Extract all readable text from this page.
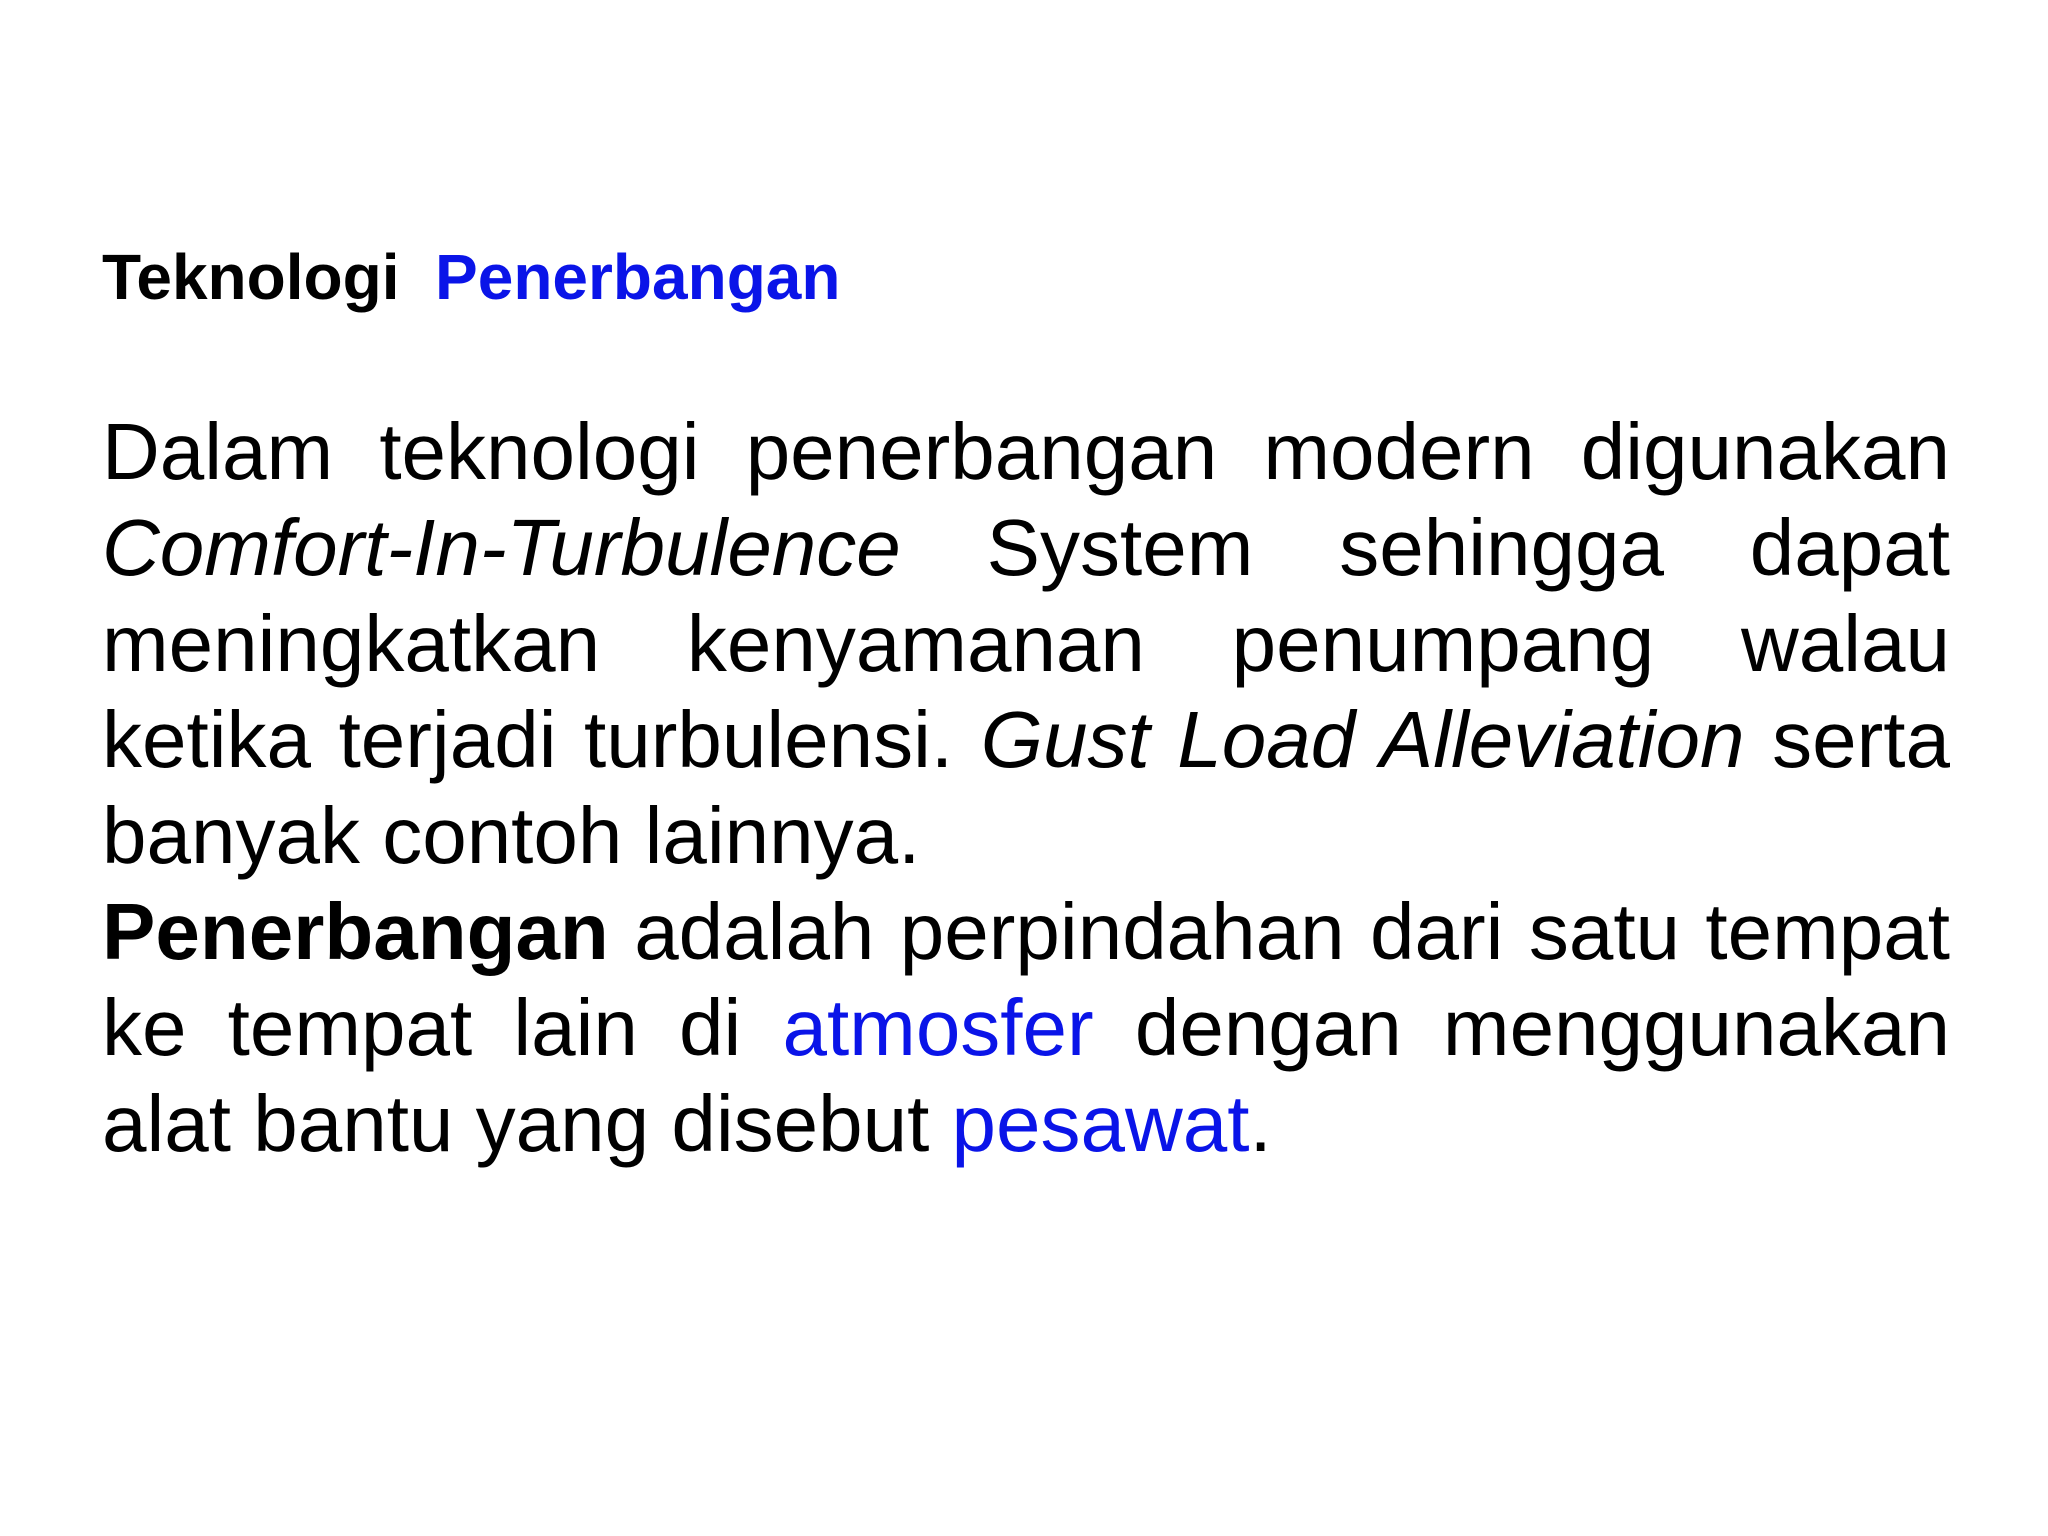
Teknologi Penerbangan

Dalam teknologi penerbangan modern digunakan Comfort-In-Turbulence System sehingga dapat meningkatkan kenyamanan penumpang walau ketika terjadi turbulensi. Gust Load Alleviation serta banyak contoh lainnya.

Penerbangan adalah perpindahan dari satu tempat ke tempat lain di atmosfer dengan menggunakan alat bantu yang disebut pesawat.
